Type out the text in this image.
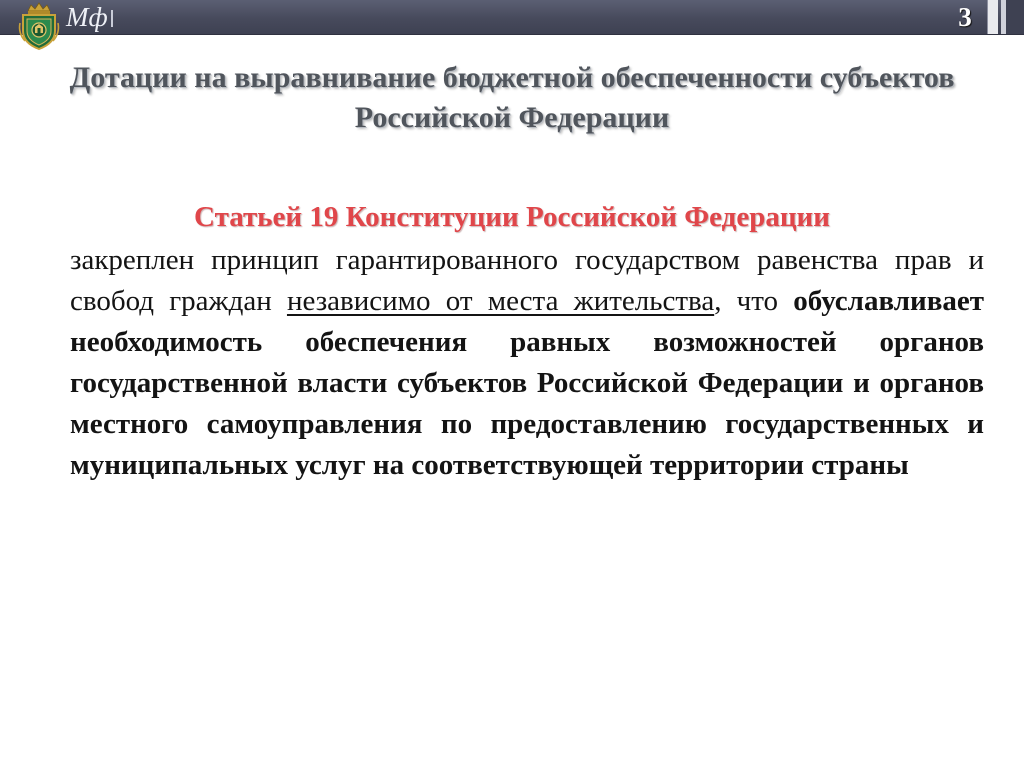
Мф	3
Дотации на выравнивание бюджетной обеспеченности субъектов Российской Федерации
Статьей 19 Конституции Российской Федерации
закреплен принцип гарантированного государством равенства прав и свобод граждан независимо от места жительства, что обуславливает необходимость обеспечения равных возможностей органов государственной власти субъектов Российской Федерации и органов местного самоуправления по предоставлению государственных и муниципальных услуг на соответствующей территории страны
